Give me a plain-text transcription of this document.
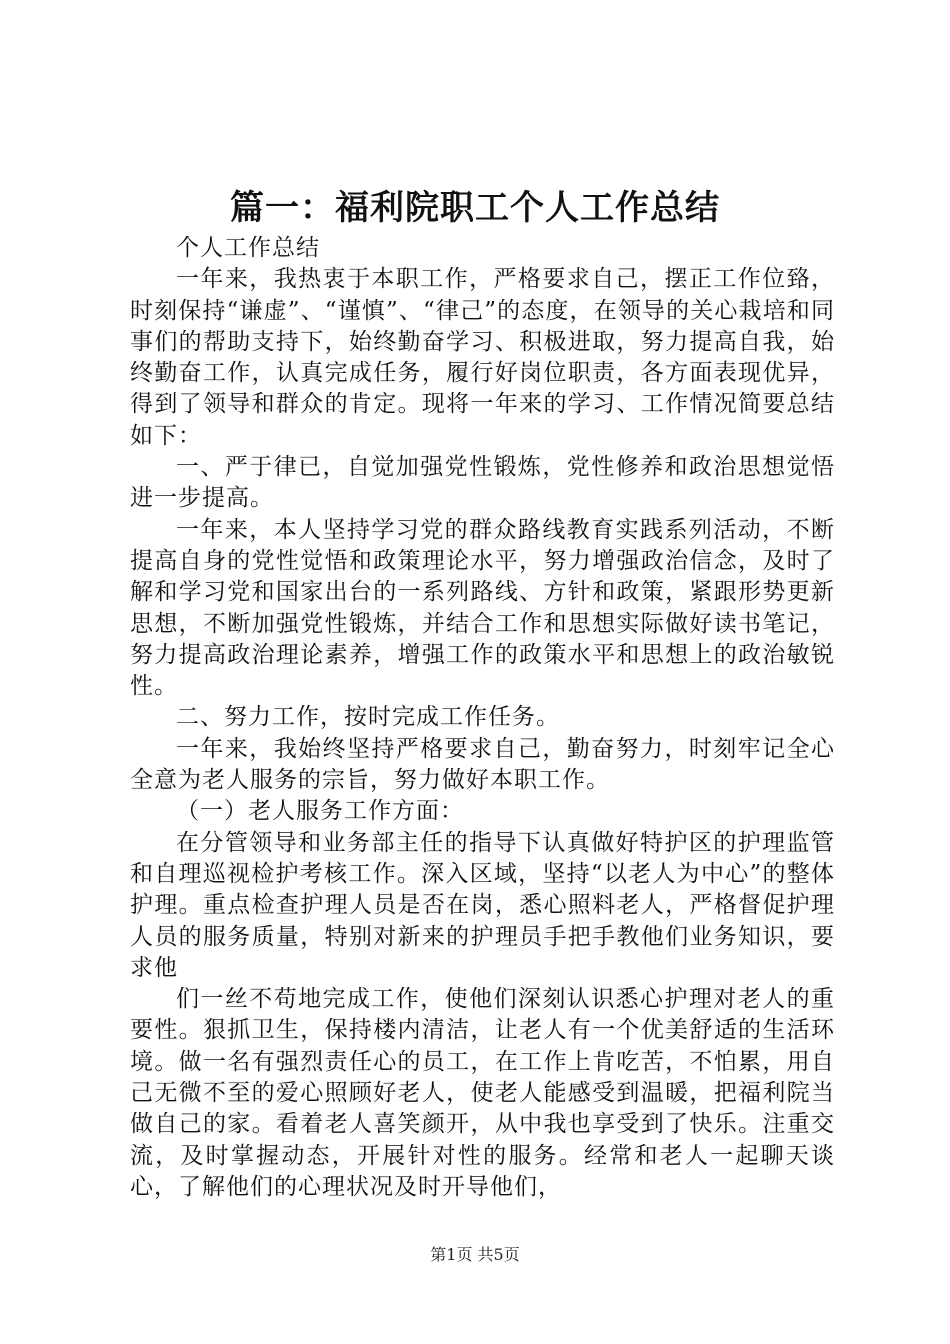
篇一：福利院职工个人工作总结

个人工作总结

一年来，我热衷于本职工作，严格要求自己，摆正工作位臵，时刻保持“谦虚”、“谨慎”、“律己”的态度，在领导的关心栽培和同事们的帮助支持下，始终勤奋学习、积极进取，努力提高自我，始终勤奋工作，认真完成任务，履行好岗位职责，各方面表现优异，得到了领导和群众的肯定。现将一年来的学习、工作情况简要总结如下：

一、严于律已，自觉加强党性锻炼，党性修养和政治思想觉悟进一步提高。

一年来，本人坚持学习党的群众路线教育实践系列活动，不断提高自身的党性觉悟和政策理论水平，努力增强政治信念，及时了解和学习党和国家出台的一系列路线、方针和政策，紧跟形势更新思想，不断加强党性锻炼，并结合工作和思想实际做好读书笔记，努力提高政治理论素养，增强工作的政策水平和思想上的政治敏锐性。

二、努力工作，按时完成工作任务。

一年来，我始终坚持严格要求自己，勤奋努力，时刻牢记全心全意为老人服务的宗旨，努力做好本职工作。

（一）老人服务工作方面：

在分管领导和业务部主任的指导下认真做好特护区的护理监管和自理巡视检护考核工作。深入区域，坚持“以老人为中心”的整体护理。重点检查护理人员是否在岗，悉心照料老人，严格督促护理人员的服务质量，特别对新来的护理员手把手教他们业务知识，要求他

们一丝不苟地完成工作，使他们深刻认识悉心护理对老人的重要性。狠抓卫生，保持楼内清洁，让老人有一个优美舒适的生活环境。做一名有强烈责任心的员工，在工作上肯吃苦，不怕累，用自己无微不至的爱心照顾好老人，使老人能感受到温暖，把福利院当做自己的家。看着老人喜笑颜开，从中我也享受到了快乐。注重交流，及时掌握动态，开展针对性的服务。经常和老人一起聊天谈心，了解他们的心理状况及时开导他们，

第1页 共5页
